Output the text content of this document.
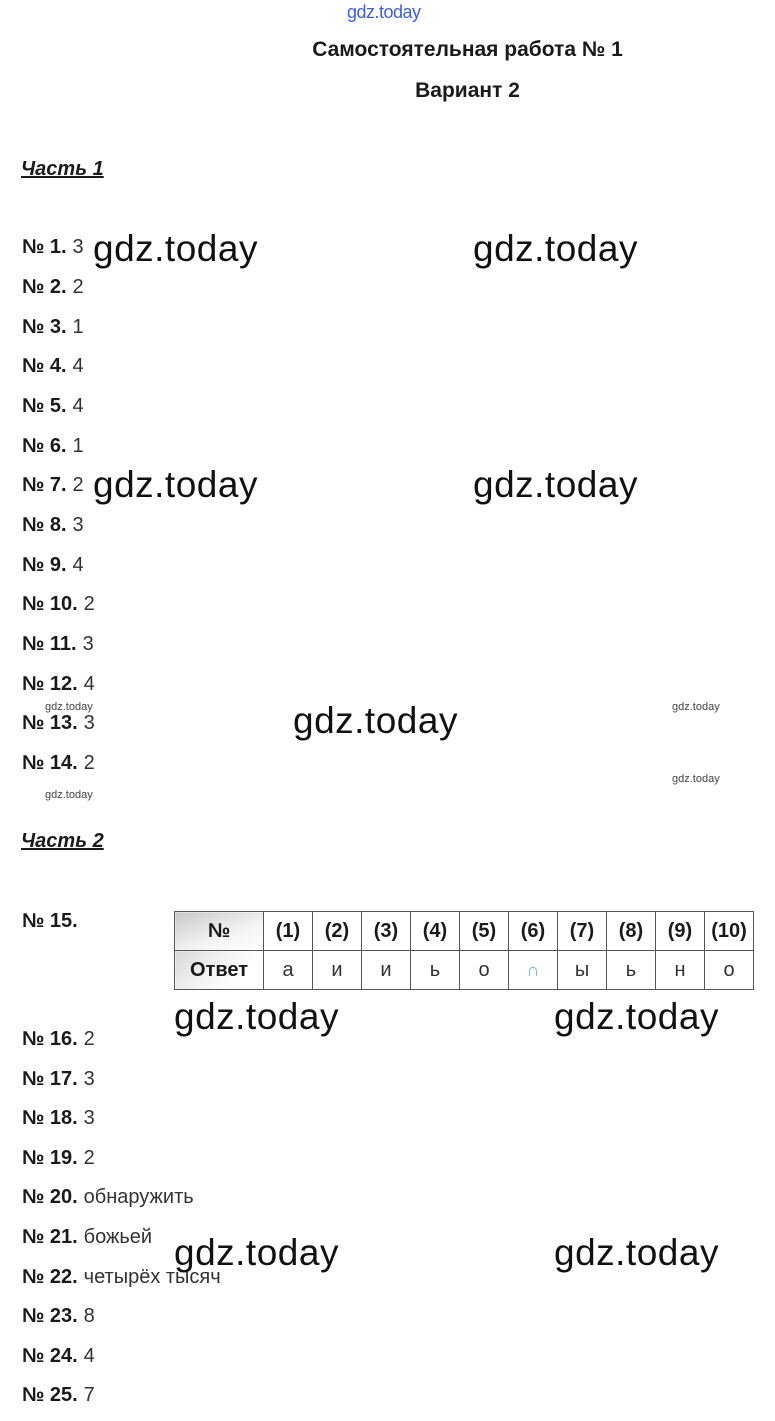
gdz.today
Самостоятельная работа № 1
Вариант 2
Часть 1
№ 1. 3
№ 2. 2
№ 3. 1
№ 4. 4
№ 5. 4
№ 6. 1
№ 7. 2
№ 8. 3
№ 9. 4
№ 10. 2
№ 11. 3
№ 12. 4
№ 13. 3
№ 14. 2
Часть 2
№ 15.	№	(1)	(2)	(3)	(4)	(5)	(6)	(7)	(8)	(9)	(10)
Ответ	а	и	и	ь	о	∩	ы	ь	н	о
№ 16. 2
№ 17. 3
№ 18. 3
№ 19. 2
№ 20. обнаружить
№ 21. божьей
№ 22. четырёх тысяч
№ 23. 8
№ 24. 4
№ 25. 7
gdz.today	gdz.today
gdz.today	gdz.today
gdz.today
gdz.today	gdz.today
gdz.today	gdz.today
gdz.today	gdz.today
gdz.today
gdz.today
